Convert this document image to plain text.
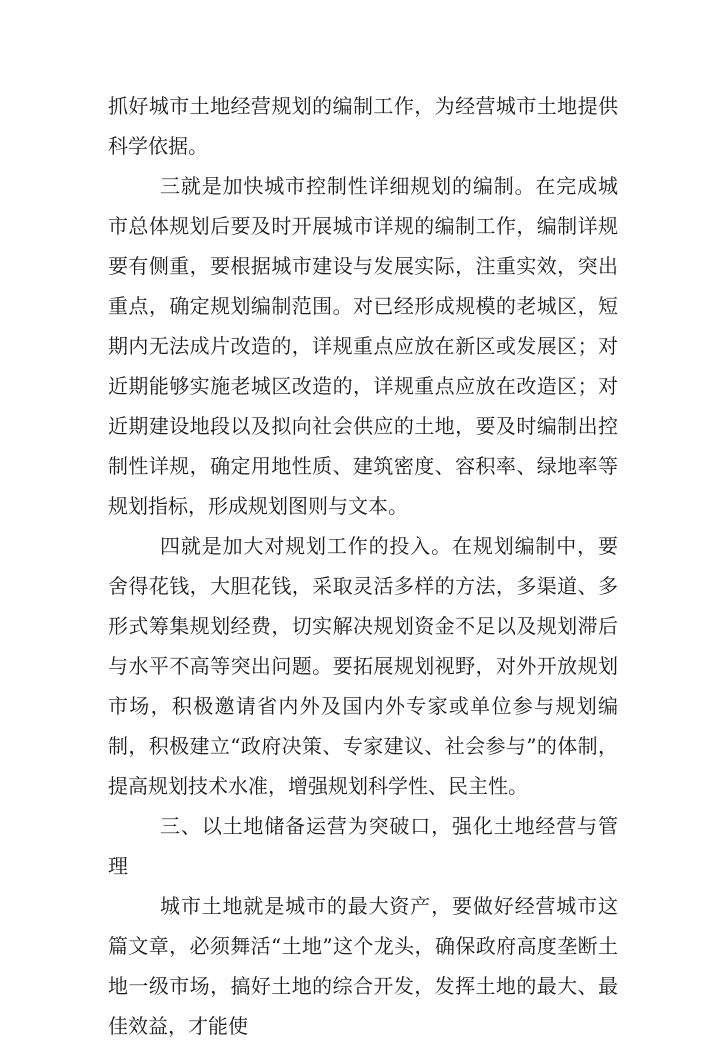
抓好城市土地经营规划的编制工作，为经营城市土地提供科学依据。

三就是加快城市控制性详细规划的编制。在完成城市总体规划后要及时开展城市详规的编制工作，编制详规要有侧重，要根据城市建设与发展实际，注重实效，突出重点，确定规划编制范围。对已经形成规模的老城区，短期内无法成片改造的，详规重点应放在新区或发展区；对近期能够实施老城区改造的，详规重点应放在改造区；对近期建设地段以及拟向社会供应的土地，要及时编制出控制性详规，确定用地性质、建筑密度、容积率、绿地率等规划指标，形成规划图则与文本。

四就是加大对规划工作的投入。在规划编制中，要舍得花钱，大胆花钱，采取灵活多样的方法，多渠道、多形式筹集规划经费，切实解决规划资金不足以及规划滞后与水平不高等突出问题。要拓展规划视野，对外开放规划市场，积极邀请省内外及国内外专家或单位参与规划编制，积极建立“政府决策、专家建议、社会参与”的体制，提高规划技术水准，增强规划科学性、民主性。

三、以土地储备运营为突破口，强化土地经营与管理

城市土地就是城市的最大资产，要做好经营城市这篇文章，必须舞活“土地”这个龙头，确保政府高度垄断土地一级市场，搞好土地的综合开发，发挥土地的最大、最佳效益，才能使
